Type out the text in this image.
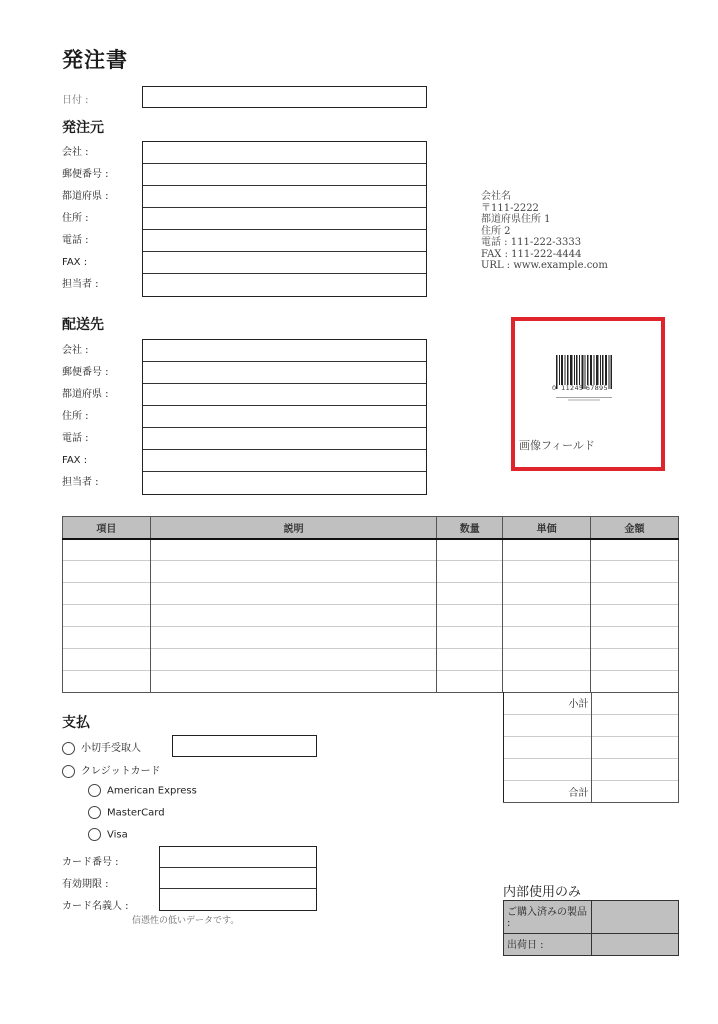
発注書
日付 :
発注元
会社 :
郵便番号 :
都道府県 :
住所 :
電話 :
FAX :
担当者 :
会社名
〒111-2222
都道府県住所 1
住所 2
電話 : 111-222-3333
FAX : 111-222-4444
URL : www.example.com
0  11245 67895
画像フィールド
配送先
会社 :
郵便番号 :
都道府県 :
住所 :
電話 :
FAX :
担当者 :
項目	説明	数量	単価	金額

小計	

合計	
支払
小切手受取人
クレジットカード
American Express
MasterCard
Visa
カード番号 :
有効期限 :
カード名義人 :
信憑性の低いデータです。
内部使用のみ
ご購入済みの製品 :	
出荷日 :	
